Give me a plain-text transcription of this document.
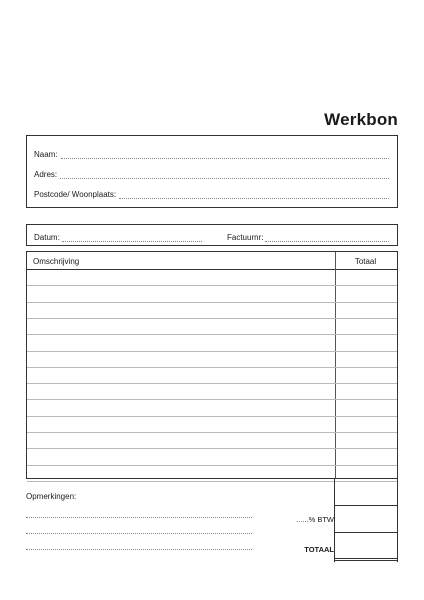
Werkbon
Naam:
Adres:
Postcode/ Woonplaats:
Datum:	Factuurnr:
Omschrijving	Totaal
Opmerkingen:
......% BTW
TOTAAL
